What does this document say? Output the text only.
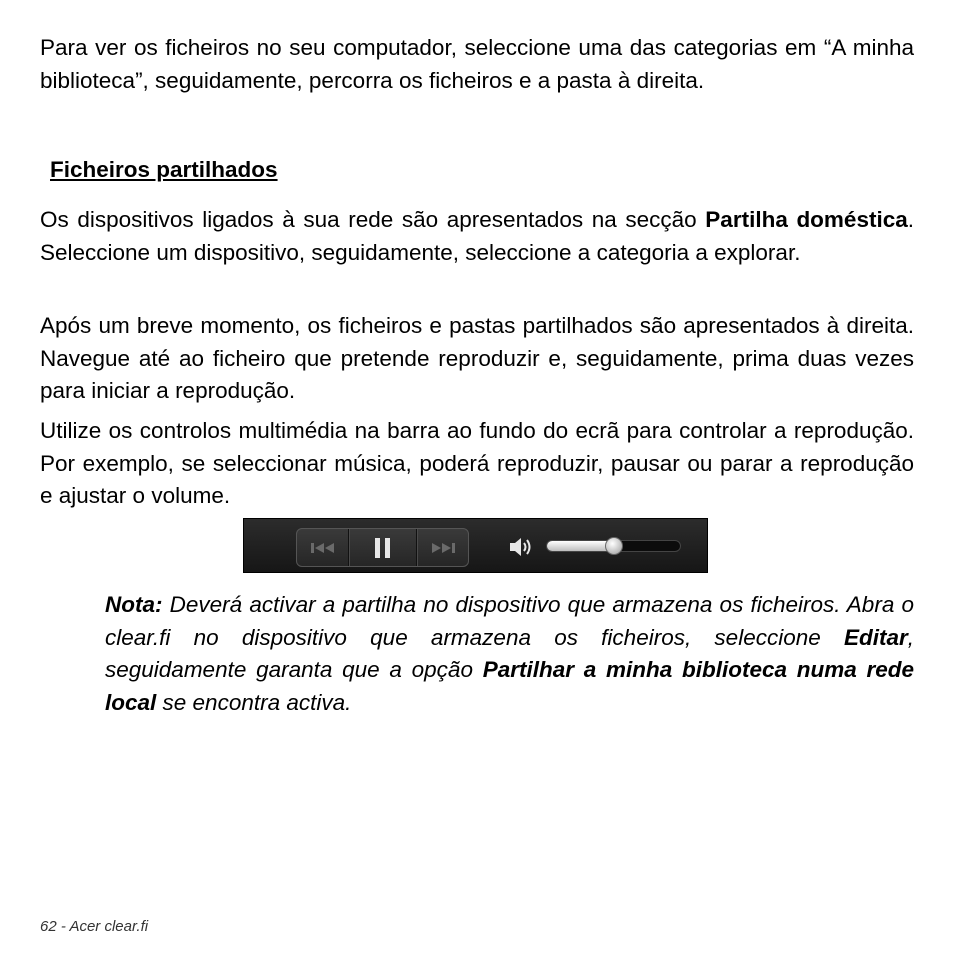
Para ver os ficheiros no seu computador, seleccione uma das categorias em “A minha biblioteca”, seguidamente, percorra os ficheiros e a pasta à direita.

Ficheiros partilhados

Os dispositivos ligados à sua rede são apresentados na secção Partilha doméstica. Seleccione um dispositivo, seguidamente, seleccione a categoria a explorar.

Após um breve momento, os ficheiros e pastas partilhados são apresentados à direita. Navegue até ao ficheiro que pretende reproduzir e, seguidamente, prima duas vezes para iniciar a reprodução.

Utilize os controlos multimédia na barra ao fundo do ecrã para controlar a reprodução. Por exemplo, se seleccionar música, poderá reproduzir, pausar ou parar a reprodução e ajustar o volume.

Nota: Deverá activar a partilha no dispositivo que armazena os ficheiros. Abra o clear.fi no dispositivo que armazena os ficheiros, seleccione Editar, seguidamente garanta que a opção Partilhar a minha biblioteca numa rede local se encontra activa.

62 - Acer clear.fi
